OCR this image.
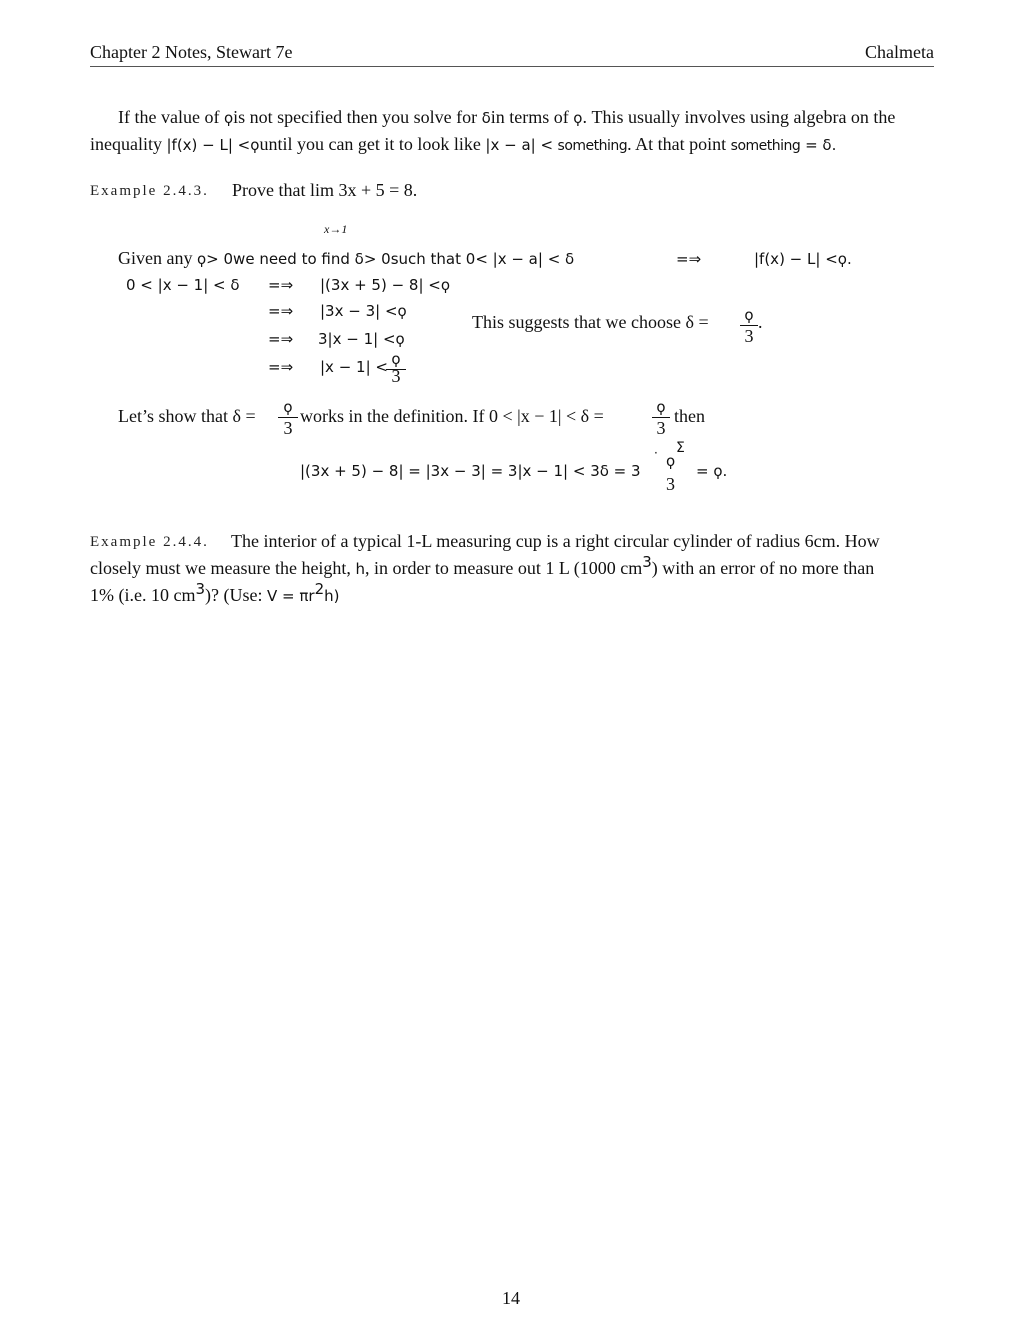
Chapter 2 Notes, Stewart 7e	Chalmeta
If the value of ϙis not specified then you solve for δin terms of ϙ. This usually involves using algebra on the
inequality |f(x) − L| <ϙuntil you can get it to look like |x − a| < something. At that point something = δ.
Example 2.4.3. Prove that lim 3x + 5 = 8.
x→1
Given any ϙ> 0we need to find δ> 0such that 0< |x − a| < δ	=⇒	|f(x) − L| <ϙ.
0 < |x − 1| < δ =⇒ |(3x + 5) − 8| <ϙ
=⇒ |3x − 3| <ϙ
=⇒ 3|x − 1| <ϙ
=⇒ |x − 1| < ϙ
3
This suggests that we choose δ = ϙ
3
.
Let’s show that δ =	ϙ
3
works in the definition. If 0 < |x − 1| < δ =	ϙ
3
then
|(3x + 5) − 8| = |3x − 3| = 3|x − 1| < 3δ = 3
· ϙ
Σ
3
= ϙ.
Example 2.4.4. The interior of a typical 1-L measuring cup is a right circular cylinder of radius 6cm. How
closely must we measure the height, h, in order to measure out 1 L (1000 $cm^3$) with an error of no more than
1% (i.e. 10 $cm^3$)? (Use: $V = \pi r^2h$)
14
